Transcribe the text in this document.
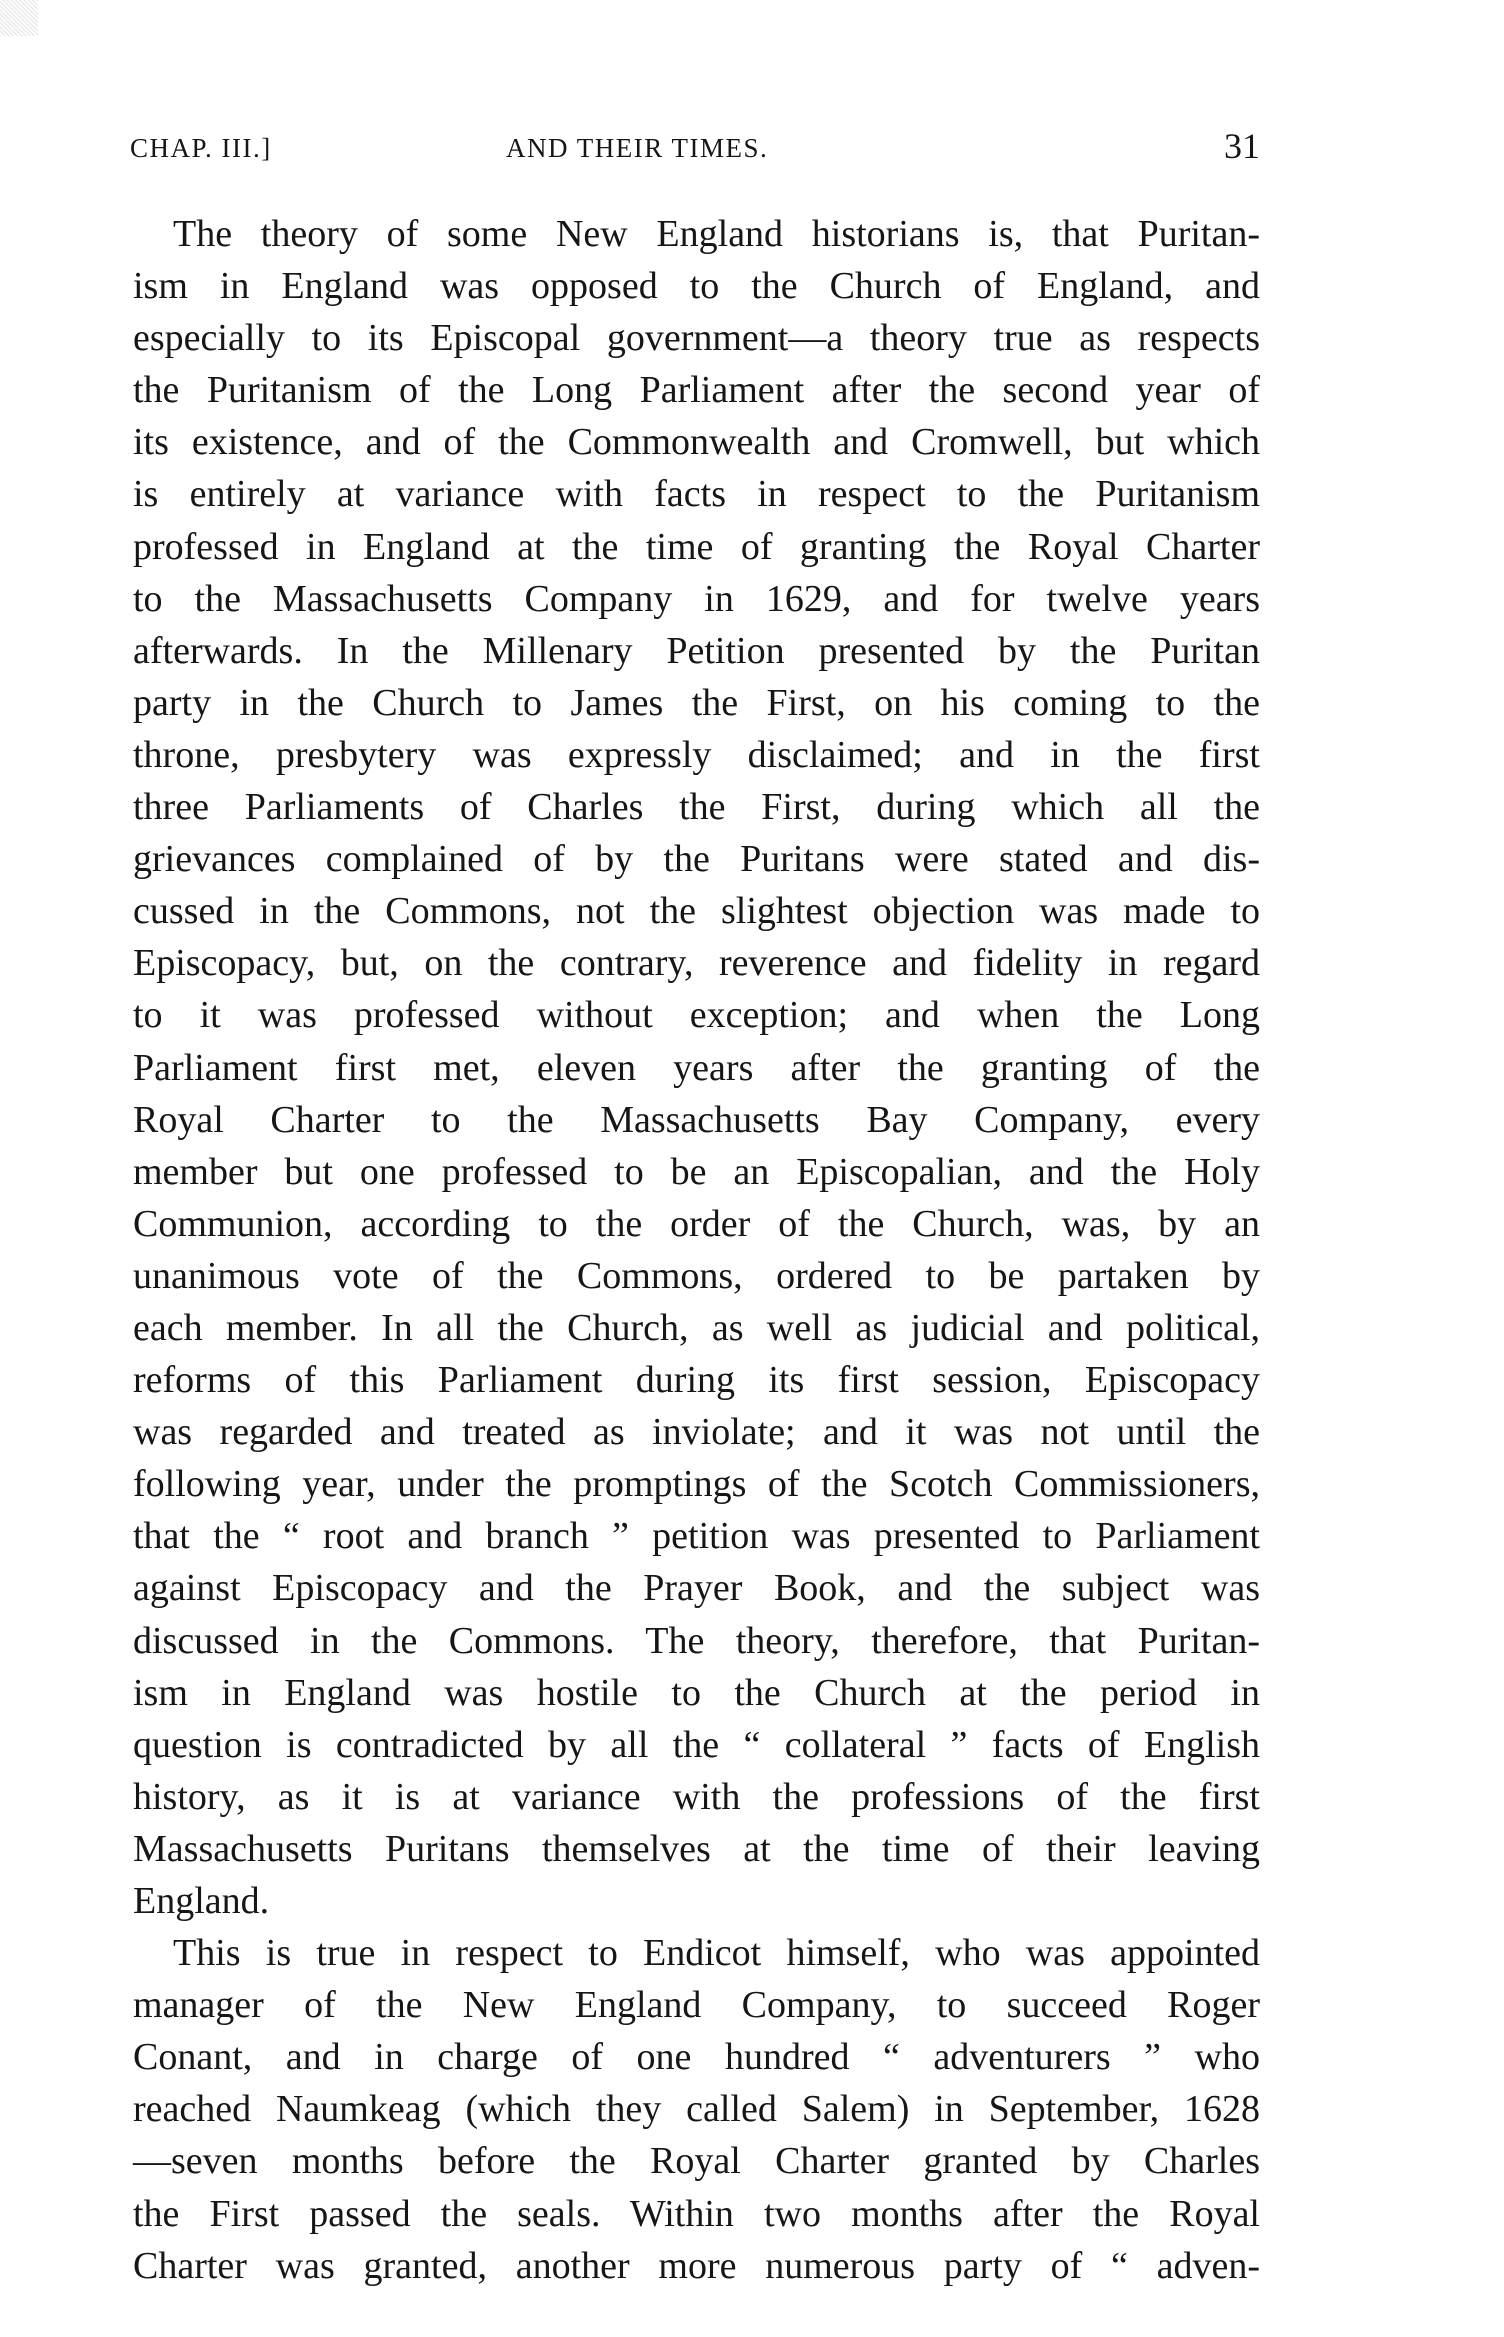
CHAP. III.]	AND THEIR TIMES.	31
The theory of some New England historians is, that Puritan-
ism in England was opposed to the Church of England, and
especially to its Episcopal government—a theory true as respects
the Puritanism of the Long Parliament after the second year of
its existence, and of the Commonwealth and Cromwell, but which
is entirely at variance with facts in respect to the Puritanism
professed in England at the time of granting the Royal Charter
to the Massachusetts Company in 1629, and for twelve years
afterwards. In the Millenary Petition presented by the Puritan
party in the Church to James the First, on his coming to the
throne, presbytery was expressly disclaimed; and in the first
three Parliaments of Charles the First, during which all the
grievances complained of by the Puritans were stated and dis-
cussed in the Commons, not the slightest objection was made to
Episcopacy, but, on the contrary, reverence and fidelity in regard
to it was professed without exception; and when the Long
Parliament first met, eleven years after the granting of the
Royal Charter to the Massachusetts Bay Company, every
member but one professed to be an Episcopalian, and the Holy
Communion, according to the order of the Church, was, by an
unanimous vote of the Commons, ordered to be partaken by
each member. In all the Church, as well as judicial and political,
reforms of this Parliament during its first session, Episcopacy
was regarded and treated as inviolate; and it was not until the
following year, under the promptings of the Scotch Commissioners,
that the “ root and branch ” petition was presented to Parliament
against Episcopacy and the Prayer Book, and the subject was
discussed in the Commons. The theory, therefore, that Puritan-
ism in England was hostile to the Church at the period in
question is contradicted by all the “ collateral ” facts of English
history, as it is at variance with the professions of the first
Massachusetts Puritans themselves at the time of their leaving
England.
This is true in respect to Endicot himself, who was appointed
manager of the New England Company, to succeed Roger
Conant, and in charge of one hundred “ adventurers ” who
reached Naumkeag (which they called Salem) in September, 1628
—seven months before the Royal Charter granted by Charles
the First passed the seals. Within two months after the Royal
Charter was granted, another more numerous party of “ adven-
